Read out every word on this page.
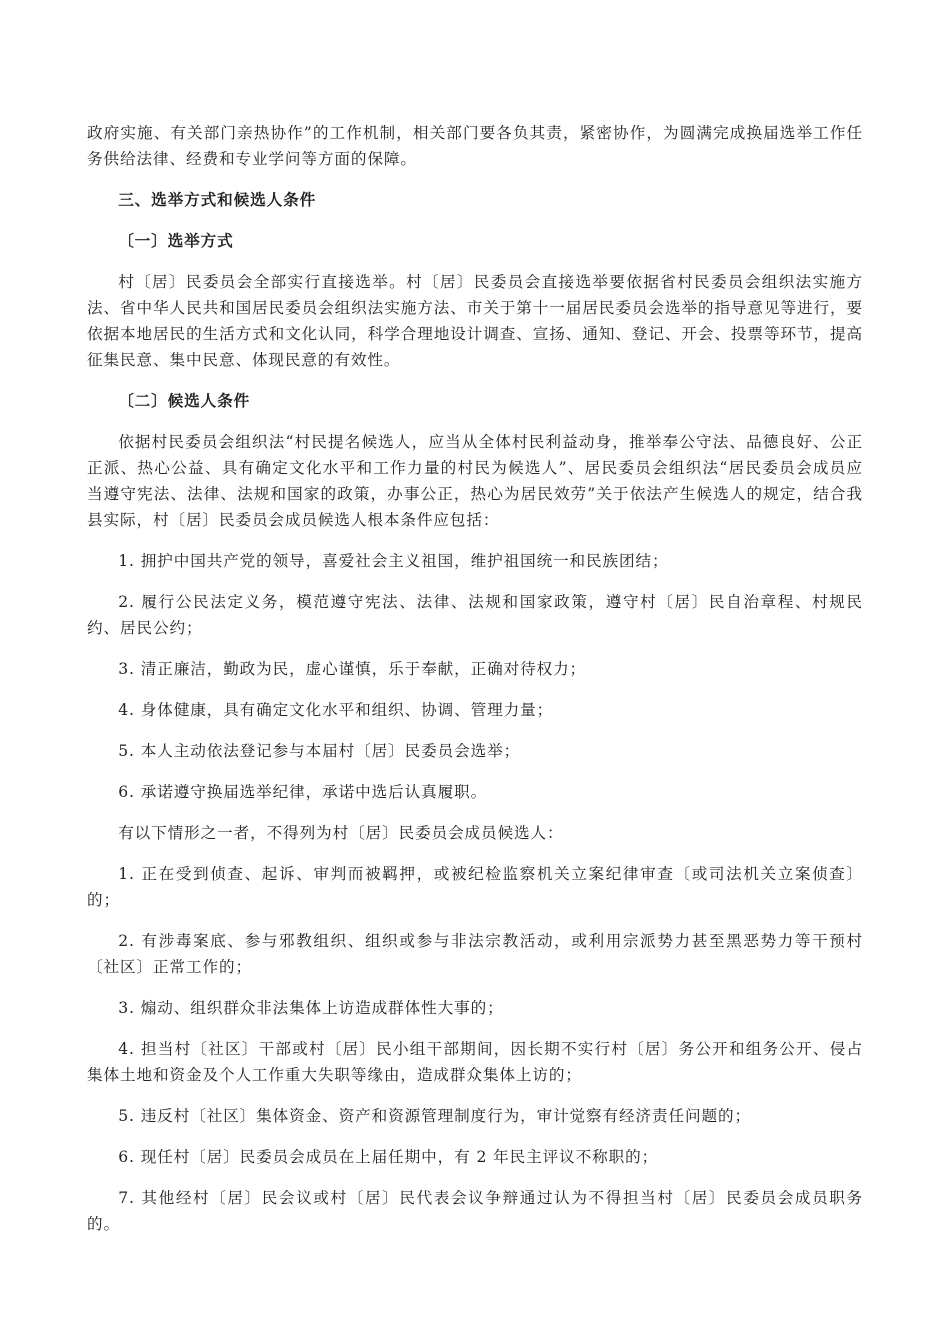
政府实施、有关部门亲热协作”的工作机制，相关部门要各负其责，紧密协作，为圆满完成换届选举工作任务供给法律、经费和专业学问等方面的保障。

三、选举方式和候选人条件

〔一〕选举方式

村〔居〕民委员会全部实行直接选举。村〔居〕民委员会直接选举要依据省村民委员会组织法实施方法、省中华人民共和国居民委员会组织法实施方法、市关于第十一届居民委员会选举的指导意见等进行，要依据本地居民的生活方式和文化认同，科学合理地设计调查、宣扬、通知、登记、开会、投票等环节，提高征集民意、集中民意、体现民意的有效性。

〔二〕候选人条件

依据村民委员会组织法“村民提名候选人，应当从全体村民利益动身，推举奉公守法、品德良好、公正正派、热心公益、具有确定文化水平和工作力量的村民为候选人”、居民委员会组织法“居民委员会成员应当遵守宪法、法律、法规和国家的政策，办事公正，热心为居民效劳”关于依法产生候选人的规定，结合我县实际，村〔居〕民委员会成员候选人根本条件应包括：

1. 拥护中国共产党的领导，喜爱社会主义祖国，维护祖国统一和民族团结；

2. 履行公民法定义务，模范遵守宪法、法律、法规和国家政策，遵守村〔居〕民自治章程、村规民约、居民公约；

3. 清正廉洁，勤政为民，虚心谨慎，乐于奉献，正确对待权力；

4. 身体健康，具有确定文化水平和组织、协调、管理力量；

5. 本人主动依法登记参与本届村〔居〕民委员会选举；

6. 承诺遵守换届选举纪律，承诺中选后认真履职。

有以下情形之一者，不得列为村〔居〕民委员会成员候选人：

1. 正在受到侦查、起诉、审判而被羁押，或被纪检监察机关立案纪律审查〔或司法机关立案侦查〕的；

2. 有涉毒案底、参与邪教组织、组织或参与非法宗教活动，或利用宗派势力甚至黑恶势力等干预村〔社区〕正常工作的；

3. 煽动、组织群众非法集体上访造成群体性大事的；

4. 担当村〔社区〕干部或村〔居〕民小组干部期间，因长期不实行村〔居〕务公开和组务公开、侵占集体土地和资金及个人工作重大失职等缘由，造成群众集体上访的；

5. 违反村〔社区〕集体资金、资产和资源管理制度行为，审计觉察有经济责任问题的；

6. 现任村〔居〕民委员会成员在上届任期中，有 2 年民主评议不称职的；

7. 其他经村〔居〕民会议或村〔居〕民代表会议争辩通过认为不得担当村〔居〕民委员会成员职务的。
